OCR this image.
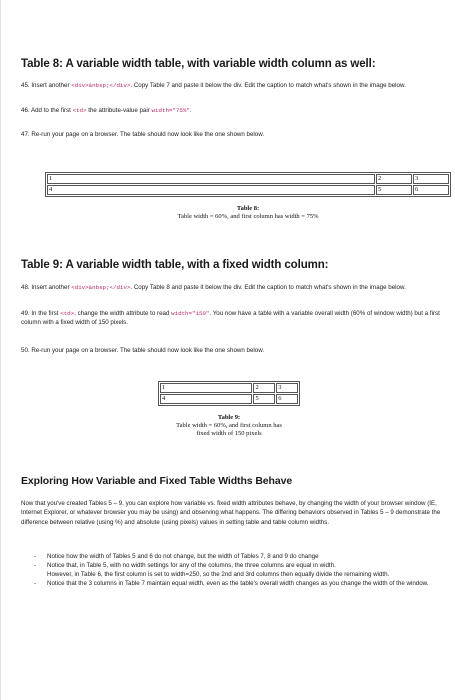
Table 8: A variable width table, with variable width column as well:
45. Insert another <div>&nbsp;</div>. Copy Table 7 and paste it below the div. Edit the caption to match what's shown in the image below.
46. Add to the first <td> the attribute-value pair width="75%".
47. Re-run your page on a browser. The table should now look like the one shown below.
1	2	3
4	5	6
Table 8:
Table width = 60%, and first column has width = 75%
Table 9: A variable width table, with a fixed width column:
48. Insert another <div>&nbsp;</div>. Copy Table 8 and paste it below the div. Edit the caption to match what's shown in the image below.
49. In the first <td>, change the width attribute to read width="150". You now have a table with a variable overall width (60% of window width) but a first column with a fixed width of 150 pixels.
50. Re-run your page on a browser. The table should now look like the one shown below.
1	2	3
4	5	6
Table 9:
Table width = 60%, and first column has
fixed width of 150 pixels
Exploring How Variable and Fixed Table Widths Behave
Now that you've created Tables 5 – 9, you can explore how variable vs. fixed width attributes behave, by changing the width of your browser window (IE, Internet Explorer, or whatever browser you may be using) and observing what happens. The differing behaviors observed in Tables 5 – 9 demonstrate the difference between relative (using %) and absolute (using pixels) values in setting table and table column widths.
- Notice how the width of Tables 5 and 6 do not change, but the width of Tables 7, 8 and 9 do change
- Notice that, in Table 5, with no width settings for any of the columns, the three columns are equal in width.
However, in Table 6, the first column is set to width=250, so the 2nd and 3rd columns then equally divide the remaining width.
- Notice that the 3 columns in Table 7 maintain equal width, even as the table's overall width changes as you change the width of the window.
